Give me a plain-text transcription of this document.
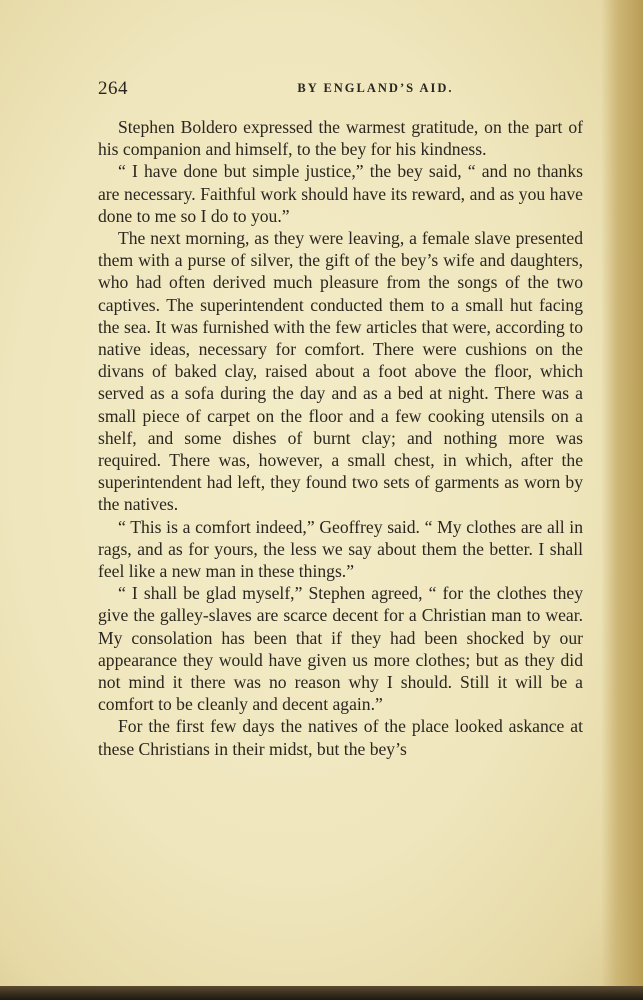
264	BY ENGLAND’S AID.

Stephen Boldero expressed the warmest gratitude, on the part of his companion and himself, to the bey for his kindness.

“ I have done but simple justice,” the bey said, “ and no thanks are necessary. Faithful work should have its reward, and as you have done to me so I do to you.”

The next morning, as they were leaving, a female slave presented them with a purse of silver, the gift of the bey’s wife and daughters, who had often derived much pleasure from the songs of the two captives. The superintendent conducted them to a small hut facing the sea. It was furnished with the few articles that were, according to native ideas, necessary for comfort. There were cushions on the divans of baked clay, raised about a foot above the floor, which served as a sofa during the day and as a bed at night. There was a small piece of carpet on the floor and a few cooking utensils on a shelf, and some dishes of burnt clay; and nothing more was required. There was, however, a small chest, in which, after the superintendent had left, they found two sets of garments as worn by the natives.

“ This is a comfort indeed,” Geoffrey said. “ My clothes are all in rags, and as for yours, the less we say about them the better. I shall feel like a new man in these things.”

“ I shall be glad myself,” Stephen agreed, “ for the clothes they give the galley-slaves are scarce decent for a Christian man to wear. My consolation has been that if they had been shocked by our appearance they would have given us more clothes; but as they did not mind it there was no reason why I should. Still it will be a comfort to be cleanly and decent again.”

For the first few days the natives of the place looked askance at these Christians in their midst, but the bey’s
